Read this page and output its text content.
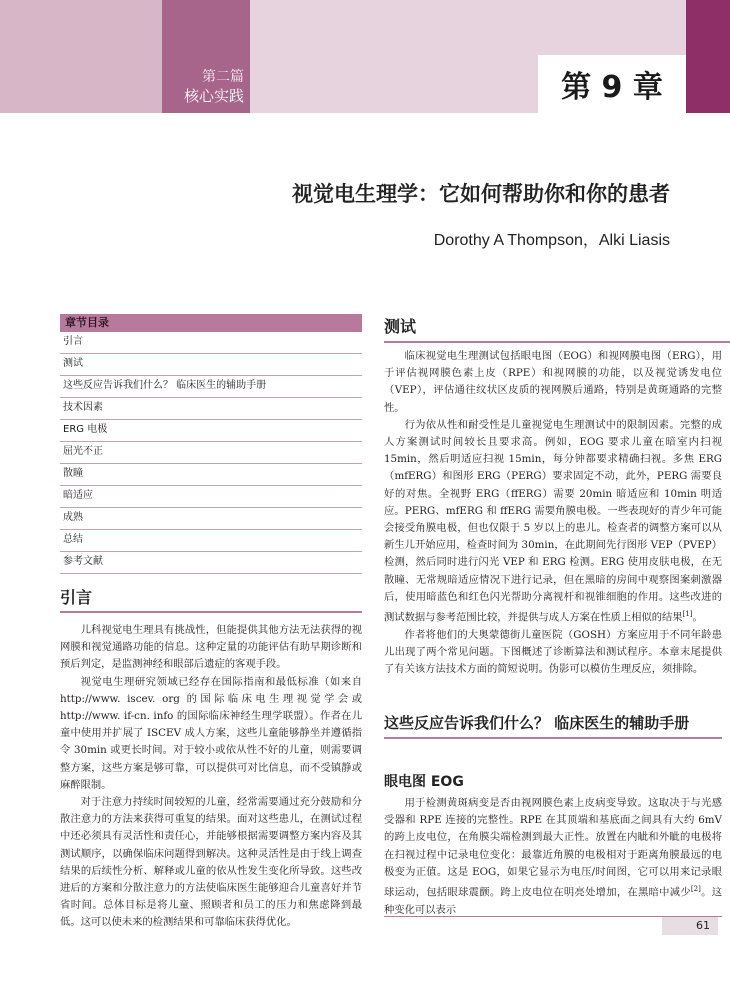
第二篇
核心实践	第 9 章
视觉电生理学：它如何帮助你和你的患者
Dorothy A Thompson，Alki Liasis
章节目录
引言
测试
这些反应告诉我们什么？ 临床医生的辅助手册
技术因素
ERG 电极
屈光不正
散瞳
暗适应
成熟
总结
参考文献
引言

儿科视觉电生理具有挑战性，但能提供其他方法无法获得的视网膜和视觉通路功能的信息。这种定量的功能评估有助早期诊断和预后判定，是监测神经和眼部后遗症的客观手段。

视觉电生理研究领域已经存在国际指南和最低标准（如来自 http://www. iscev. org 的国际临床电生理视觉学会或 http://www. if-cn. info 的国际临床神经生理学联盟）。作者在儿童中使用并扩展了 ISCEV 成人方案，这些儿童能够静坐并遵循指令 30min 或更长时间。对于较小或依从性不好的儿童，则需要调整方案，这些方案是够可靠，可以提供可对比信息，而不受镇静或麻醉限制。

对于注意力持续时间较短的儿童，经常需要通过充分鼓励和分散注意力的方法来获得可重复的结果。面对这些患儿，在测试过程中还必须具有灵活性和责任心，并能够根据需要调整方案内容及其测试顺序，以确保临床问题得到解决。这种灵活性是由于线上调查结果的后续性分析、解释或儿童的依从性发生变化所导致。这些改进后的方案和分散注意力的方法使临床医生能够迎合儿童喜好并节省时间。总体目标是将儿童、照顾者和员工的压力和焦虑降到最低。这可以使未来的检测结果和可靠临床获得优化。

测试

临床视觉电生理测试包括眼电图（EOG）和视网膜电图（ERG），用于评估视网膜色素上皮（RPE）和视网膜的功能，以及视觉诱发电位（VEP），评估通往纹状区皮质的视网膜后通路，特别是黄斑通路的完整性。

行为依从性和耐受性是儿童视觉电生理测试中的限制因素。完整的成人方案测试时间较长且要求高。例如，EOG 要求儿童在暗室内扫视 15min，然后明适应扫视 15min，每分钟都要求精确扫视。多焦 ERG（mfERG）和图形 ERG（PERG）要求固定不动，此外，PERG 需要良好的对焦。全视野 ERG（ffERG）需要 20min 暗适应和 10min 明适应。PERG、mfERG 和 ffERG 需要角膜电极。一些表现好的青少年可能会接受角膜电极，但也仅限于 5 岁以上的患儿。检查者的调整方案可以从新生儿开始应用，检查时间为 30min，在此期间先行图形 VEP（PVEP）检测，然后同时进行闪光 VEP 和 ERG 检测。ERG 使用皮肤电极，在无散瞳、无常规暗适应情况下进行记录，但在黑暗的房间中观察图案刺激器后，使用暗蓝色和红色闪光帮助分离视杆和视锥细胞的作用。这些改进的测试数据与参考范围比较，并提供与成人方案在性质上相似的结果[1]。

作者将他们的大奥蒙德街儿童医院（GOSH）方案应用于不同年龄患儿出现了两个常见问题。下图概述了诊断算法和测试程序。本章末尾提供了有关该方法技术方面的简短说明。伪影可以模仿生理反应，须排除。

这些反应告诉我们什么？ 临床医生的辅助手册
眼电图 EOG

用于检测黄斑病变是否由视网膜色素上皮病变导致。这取决于与光感受器和 RPE 连接的完整性。RPE 在其顶端和基底面之间具有大约 6mV 的跨上皮电位，在角膜尖端检测到最大正性。放置在内眦和外眦的电极将在扫视过程中记录电位变化：最靠近角膜的电极相对于距离角膜最远的电极变为正值。这是 EOG，如果它显示为电压/时间图，它可以用来记录眼球运动，包括眼球震颤。跨上皮电位在明亮处增加，在黑暗中减少[2]。这种变化可以表示

61
